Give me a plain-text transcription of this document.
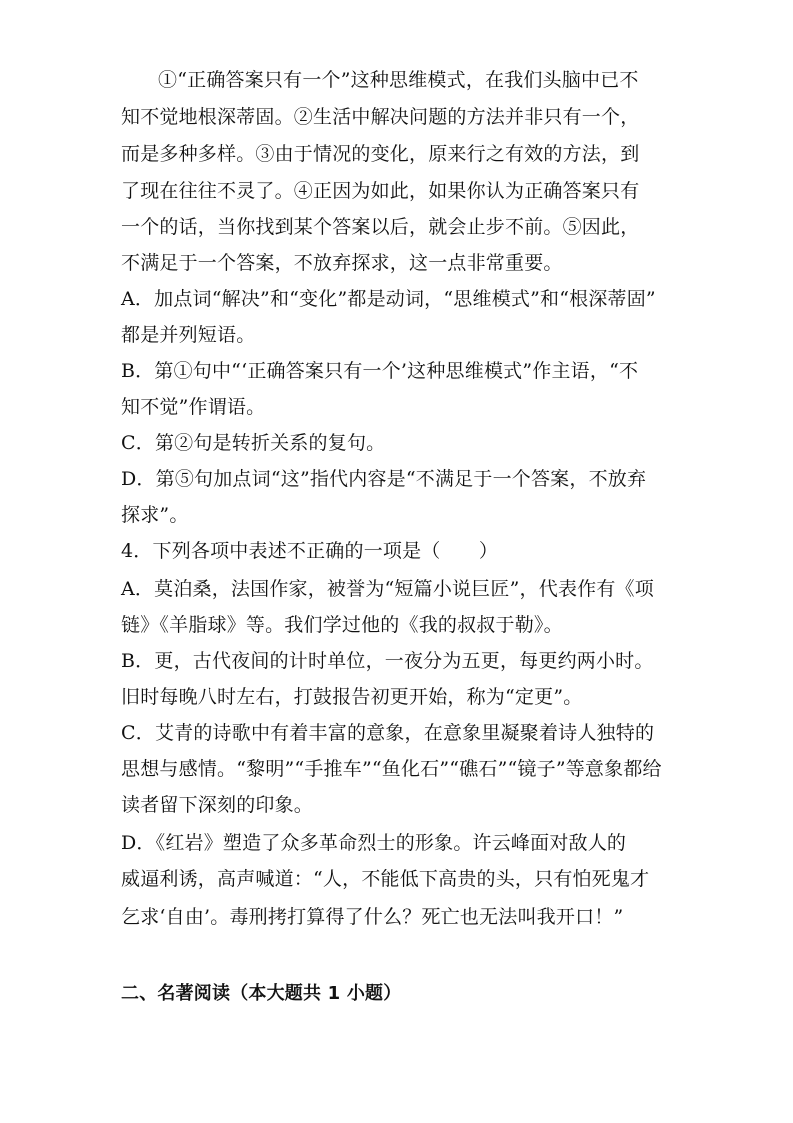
①“正确答案只有一个”这种思维模式，在我们头脑中已不
知不觉地根深蒂固。②生活中解决问题的方法并非只有一个，
而是多种多样。③由于情况的变化，原来行之有效的方法，到
了现在往往不灵了。④正因为如此，如果你认为正确答案只有
一个的话，当你找到某个答案以后，就会止步不前。⑤因此，
不满足于一个答案，不放弃探求，这一点非常重要。
A．加点词“解决”和“变化”都是动词，“思维模式”和“根深蒂固”
都是并列短语。
B．第①句中“‘正确答案只有一个’这种思维模式”作主语，“不
知不觉”作谓语。
C．第②句是转折关系的复句。
D．第⑤句加点词“这”指代内容是“不满足于一个答案，不放弃
探求”。
4．下列各项中表述不正确的一项是（　　）
A．莫泊桑，法国作家，被誉为“短篇小说巨匠”，代表作有《项
链》《羊脂球》等。我们学过他的《我的叔叔于勒》。
B．更，古代夜间的计时单位，一夜分为五更，每更约两小时。
旧时每晚八时左右，打鼓报告初更开始，称为“定更”。
C．艾青的诗歌中有着丰富的意象，在意象里凝聚着诗人独特的
思想与感情。“黎明”“手推车”“鱼化石”“礁石”“镜子”等意象都给
读者留下深刻的印象。
D．《红岩》塑造了众多革命烈士的形象。许云峰面对敌人的
威逼利诱，高声喊道：“人，不能低下高贵的头，只有怕死鬼才
乞求‘自由’。毒刑拷打算得了什么？死亡也无法叫我开口！”
二、名著阅读（本大题共 1 小题）
